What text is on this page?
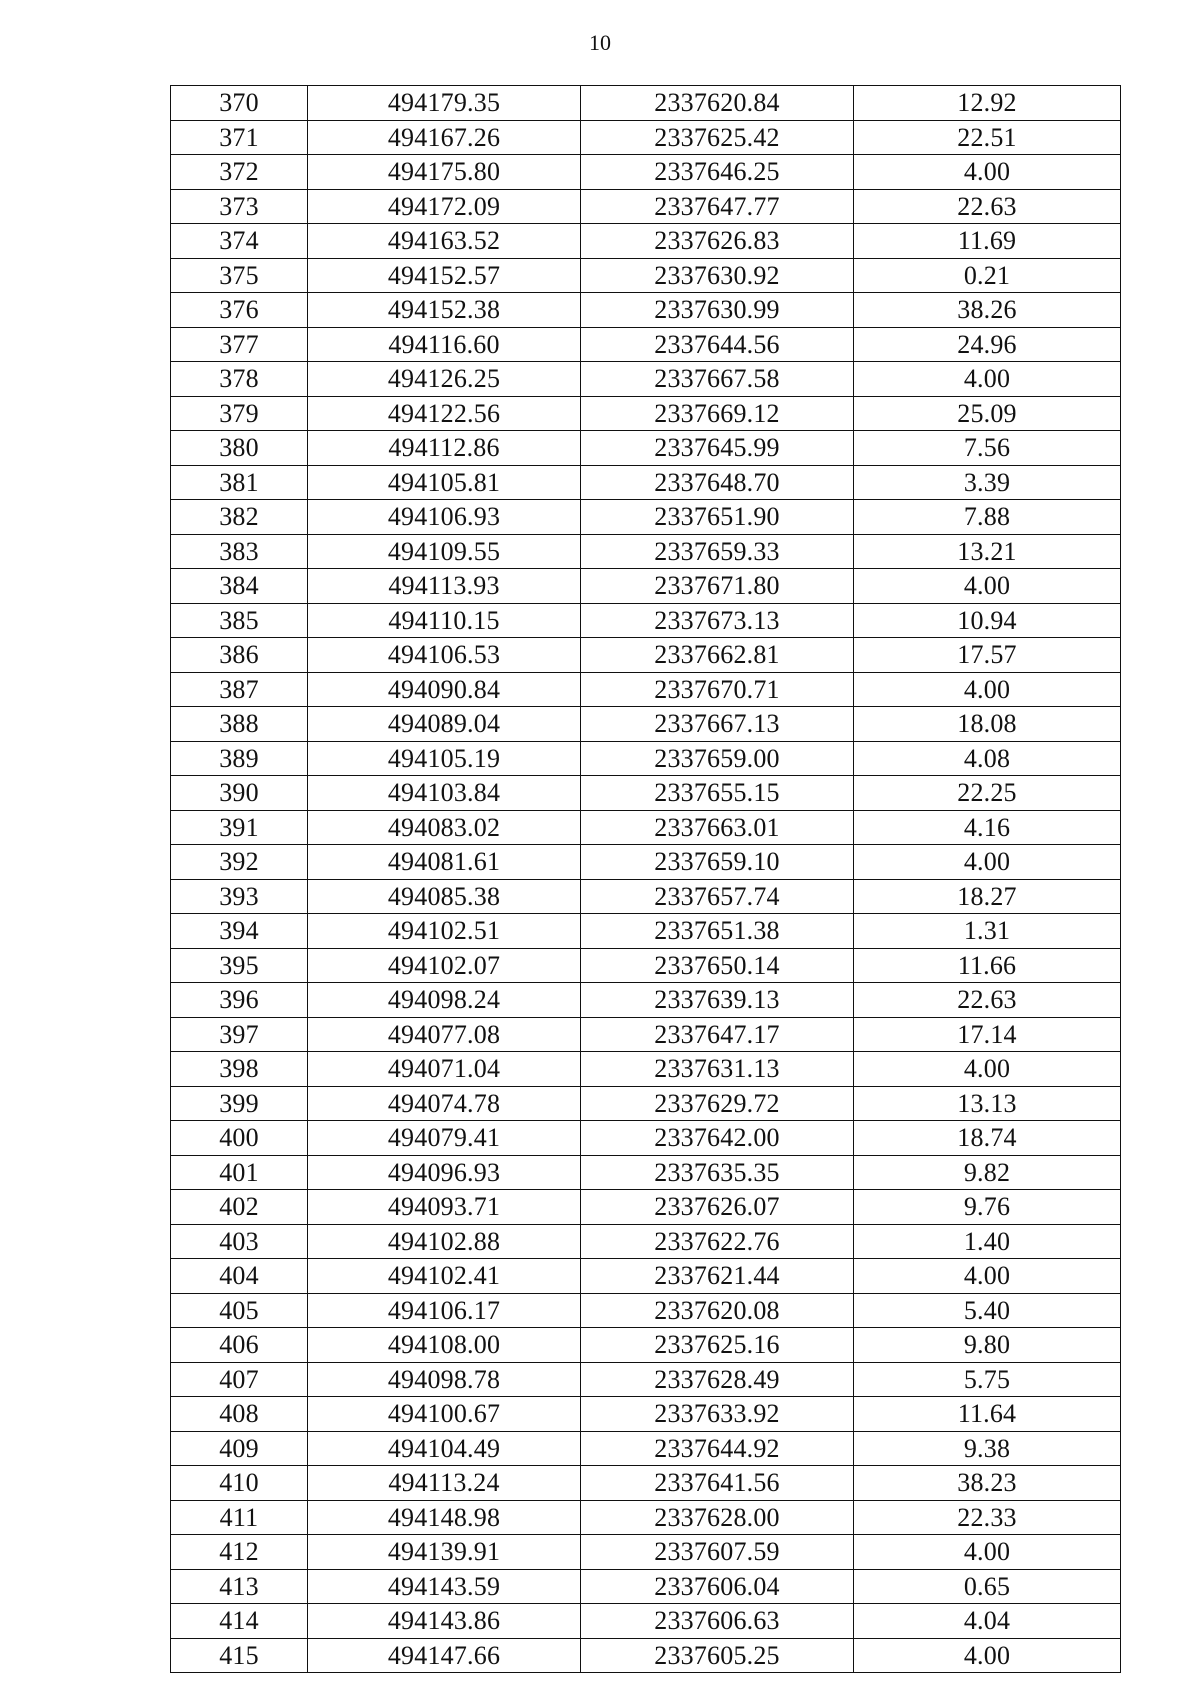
10
370	494179.35	2337620.84	12.92
371	494167.26	2337625.42	22.51
372	494175.80	2337646.25	4.00
373	494172.09	2337647.77	22.63
374	494163.52	2337626.83	11.69
375	494152.57	2337630.92	0.21
376	494152.38	2337630.99	38.26
377	494116.60	2337644.56	24.96
378	494126.25	2337667.58	4.00
379	494122.56	2337669.12	25.09
380	494112.86	2337645.99	7.56
381	494105.81	2337648.70	3.39
382	494106.93	2337651.90	7.88
383	494109.55	2337659.33	13.21
384	494113.93	2337671.80	4.00
385	494110.15	2337673.13	10.94
386	494106.53	2337662.81	17.57
387	494090.84	2337670.71	4.00
388	494089.04	2337667.13	18.08
389	494105.19	2337659.00	4.08
390	494103.84	2337655.15	22.25
391	494083.02	2337663.01	4.16
392	494081.61	2337659.10	4.00
393	494085.38	2337657.74	18.27
394	494102.51	2337651.38	1.31
395	494102.07	2337650.14	11.66
396	494098.24	2337639.13	22.63
397	494077.08	2337647.17	17.14
398	494071.04	2337631.13	4.00
399	494074.78	2337629.72	13.13
400	494079.41	2337642.00	18.74
401	494096.93	2337635.35	9.82
402	494093.71	2337626.07	9.76
403	494102.88	2337622.76	1.40
404	494102.41	2337621.44	4.00
405	494106.17	2337620.08	5.40
406	494108.00	2337625.16	9.80
407	494098.78	2337628.49	5.75
408	494100.67	2337633.92	11.64
409	494104.49	2337644.92	9.38
410	494113.24	2337641.56	38.23
411	494148.98	2337628.00	22.33
412	494139.91	2337607.59	4.00
413	494143.59	2337606.04	0.65
414	494143.86	2337606.63	4.04
415	494147.66	2337605.25	4.00
